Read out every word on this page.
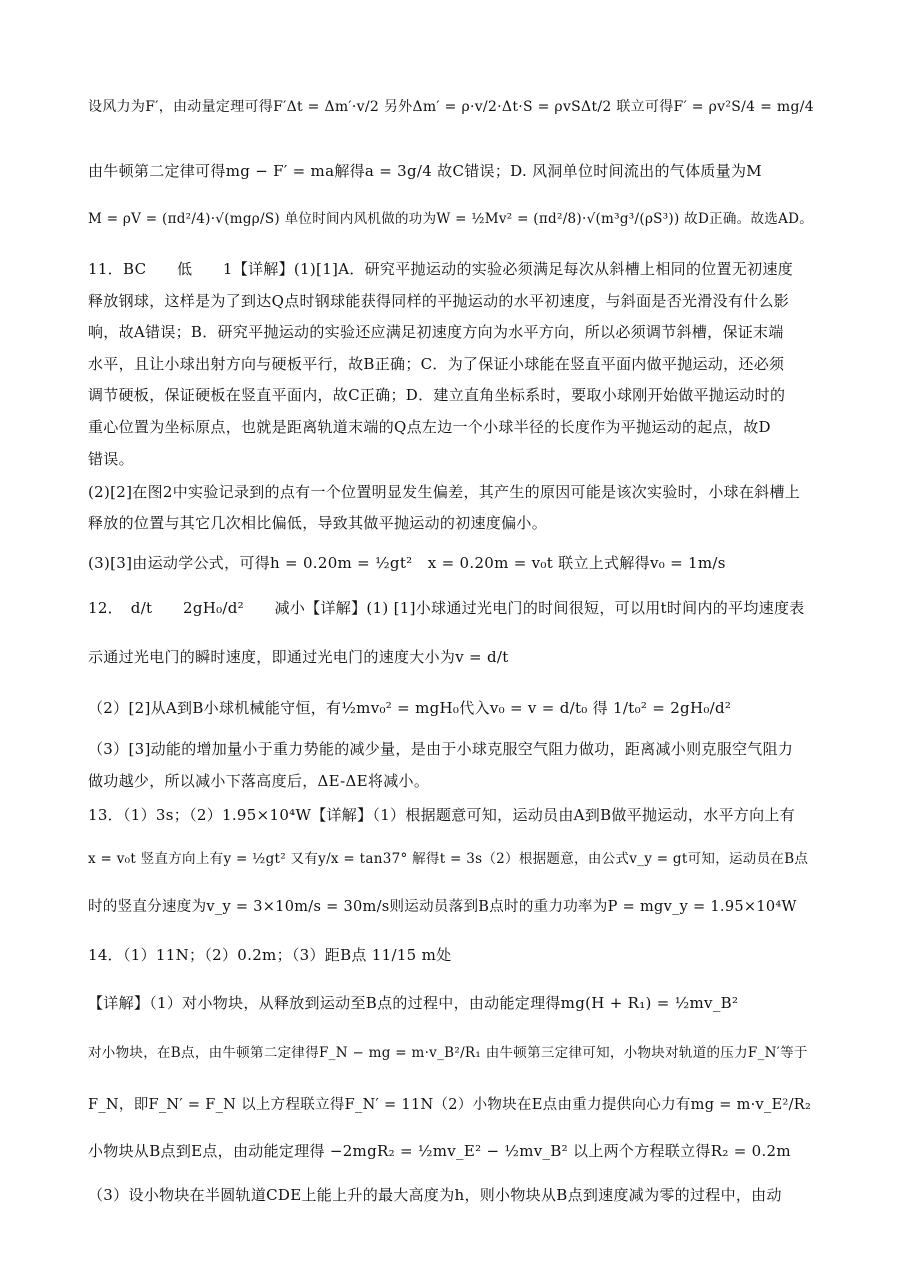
设风力为F′，由动量定理可得F′Δt = Δm′·v/2 另外Δm′ = ρ·v/2·Δt·S = ρvSΔt/2 联立可得F′ = ρv²S/4 = mg/4
由牛顿第二定律可得mg − F′ = ma解得a = 3g/4 故C错误；D. 风洞单位时间流出的气体质量为M
M = ρV = (πd²/4)·√(mgρ/S) 单位时间内风机做的功为W = ½Mv² = (πd²/8)·√(m³g³/(ρS³)) 故D正确。故选AD。
11．BC　　低　　1【详解】(1)[1]A．研究平抛运动的实验必须满足每次从斜槽上相同的位置无初速度
释放钢球，这样是为了到达Q点时钢球能获得同样的平抛运动的水平初速度，与斜面是否光滑没有什么影
响，故A错误；B．研究平抛运动的实验还应满足初速度方向为水平方向，所以必须调节斜槽，保证末端
水平，且让小球出射方向与硬板平行，故B正确；C．为了保证小球能在竖直平面内做平抛运动，还必须
调节硬板，保证硬板在竖直平面内，故C正确；D．建立直角坐标系时，要取小球刚开始做平抛运动时的
重心位置为坐标原点，也就是距离轨道末端的Q点左边一个小球半径的长度作为平抛运动的起点，故D
错误。
(2)[2]在图2中实验记录到的点有一个位置明显发生偏差，其产生的原因可能是该次实验时，小球在斜槽上
释放的位置与其它几次相比偏低，导致其做平抛运动的初速度偏小。
(3)[3]由运动学公式，可得h = 0.20m = ½gt²　x = 0.20m = v₀t 联立上式解得v₀ = 1m/s
12．　d/t　　2gH₀/d²　　减小【详解】(1) [1]小球通过光电门的时间很短，可以用t时间内的平均速度表
示通过光电门的瞬时速度，即通过光电门的速度大小为v = d/t
（2）[2]从A到B小球机械能守恒，有½mv₀² = mgH₀代入v₀ = v = d/t₀ 得 1/t₀² = 2gH₀/d²
（3）[3]动能的增加量小于重力势能的减少量，是由于小球克服空气阻力做功，距离减小则克服空气阻力
做功越少，所以减小下落高度后，ΔE-ΔE将减小。
13．（1）3s；（2）1.95×10⁴W【详解】（1）根据题意可知，运动员由A到B做平抛运动，水平方向上有
x = v₀t 竖直方向上有y = ½gt² 又有y/x = tan37° 解得t = 3s（2）根据题意，由公式v_y = gt可知，运动员在B点
时的竖直分速度为v_y = 3×10m/s = 30m/s则运动员落到B点时的重力功率为P = mgv_y = 1.95×10⁴W
14．（1）11N；（2）0.2m；（3）距B点 11/15 m处
【详解】（1）对小物块，从释放到运动至B点的过程中，由动能定理得mg(H + R₁) = ½mv_B²
对小物块，在B点，由牛顿第二定律得F_N − mg = m·v_B²/R₁ 由牛顿第三定律可知，小物块对轨道的压力F_N′等于
F_N，即F_N′ = F_N 以上方程联立得F_N′ = 11N（2）小物块在E点由重力提供向心力有mg = m·v_E²/R₂
小物块从B点到E点，由动能定理得 −2mgR₂ = ½mv_E² − ½mv_B² 以上两个方程联立得R₂ = 0.2m
（3）设小物块在半圆轨道CDE上能上升的最大高度为h，则小物块从B点到速度减为零的过程中，由动
